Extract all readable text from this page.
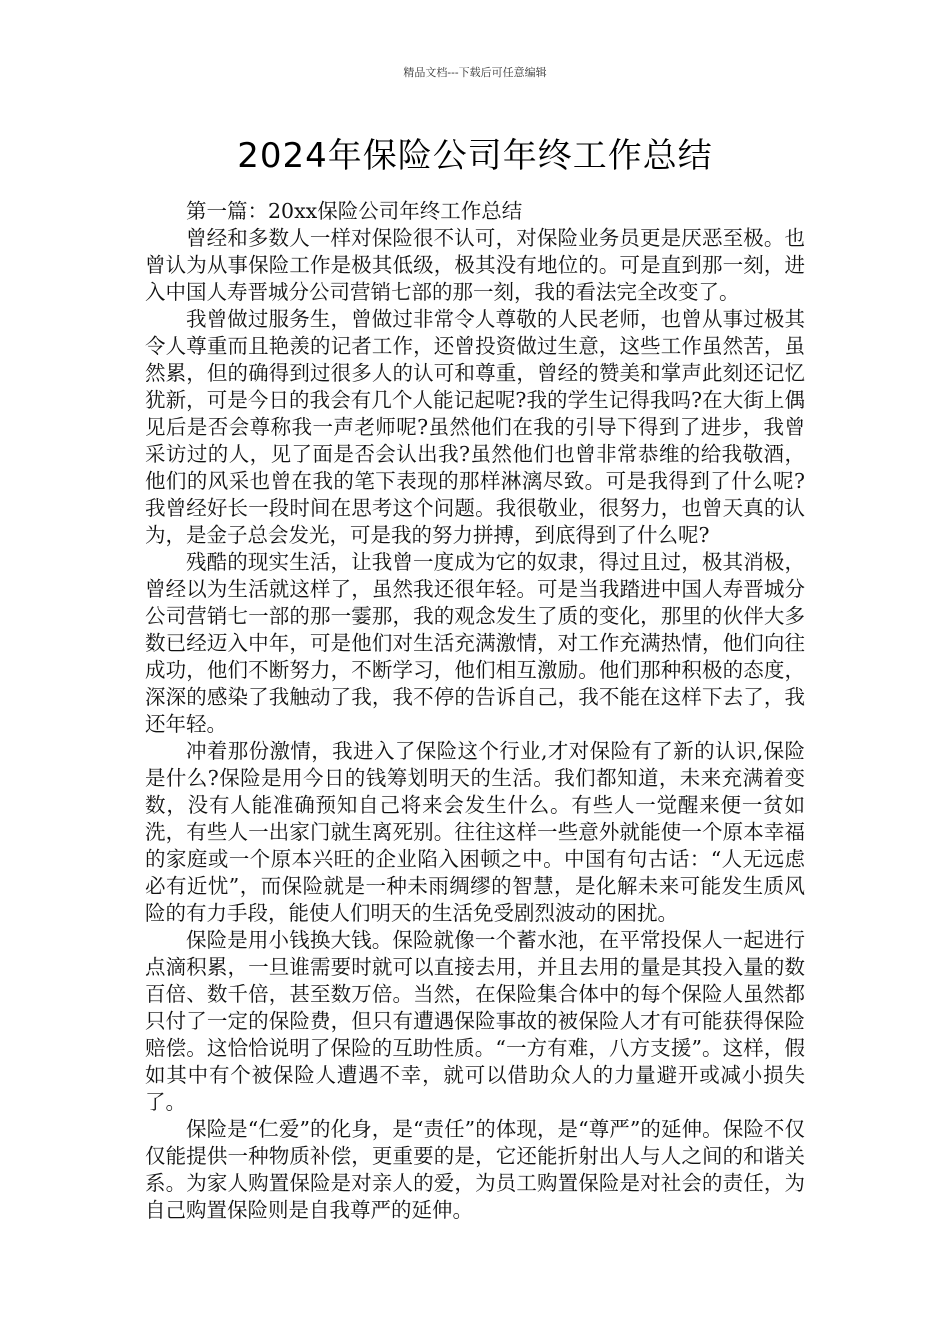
精品文档---下载后可任意编辑
2024年保险公司年终工作总结

第一篇：20xx保险公司年终工作总结

曾经和多数人一样对保险很不认可，对保险业务员更是厌恶至极。也曾认为从事保险工作是极其低级，极其没有地位的。可是直到那一刻，进入中国人寿晋城分公司营销七部的那一刻，我的看法完全改变了。

我曾做过服务生，曾做过非常令人尊敬的人民老师，也曾从事过极其令人尊重而且艳羡的记者工作，还曾投资做过生意，这些工作虽然苦，虽然累，但的确得到过很多人的认可和尊重，曾经的赞美和掌声此刻还记忆犹新，可是今日的我会有几个人能记起呢?我的学生记得我吗?在大街上偶见后是否会尊称我一声老师呢?虽然他们在我的引导下得到了进步，我曾采访过的人，见了面是否会认出我?虽然他们也曾非常恭维的给我敬酒，他们的风采也曾在我的笔下表现的那样淋漓尽致。可是我得到了什么呢?我曾经好长一段时间在思考这个问题。我很敬业，很努力，也曾天真的认为，是金子总会发光，可是我的努力拼搏，到底得到了什么呢?

残酷的现实生活，让我曾一度成为它的奴隶，得过且过，极其消极，曾经以为生活就这样了，虽然我还很年轻。可是当我踏进中国人寿晋城分公司营销七一部的那一霎那，我的观念发生了质的变化，那里的伙伴大多数已经迈入中年，可是他们对生活充满激情，对工作充满热情，他们向往成功，他们不断努力，不断学习，他们相互激励。他们那种积极的态度，深深的感染了我触动了我，我不停的告诉自己，我不能在这样下去了，我还年轻。

冲着那份激情，我进入了保险这个行业,才对保险有了新的认识,保险是什么?保险是用今日的钱筹划明天的生活。我们都知道，未来充满着变数，没有人能准确预知自己将来会发生什么。有些人一觉醒来便一贫如洗，有些人一出家门就生离死别。往往这样一些意外就能使一个原本幸福的家庭或一个原本兴旺的企业陷入困顿之中。中国有句古话：“人无远虑必有近忧”，而保险就是一种未雨绸缪的智慧，是化解未来可能发生质风险的有力手段，能使人们明天的生活免受剧烈波动的困扰。

保险是用小钱换大钱。保险就像一个蓄水池，在平常投保人一起进行点滴积累，一旦谁需要时就可以直接去用，并且去用的量是其投入量的数百倍、数千倍，甚至数万倍。当然，在保险集合体中的每个保险人虽然都只付了一定的保险费，但只有遭遇保险事故的被保险人才有可能获得保险赔偿。这恰恰说明了保险的互助性质。“一方有难，八方支援”。这样，假如其中有个被保险人遭遇不幸，就可以借助众人的力量避开或减小损失了。

保险是“仁爱”的化身，是“责任”的体现，是“尊严”的延伸。保险不仅仅能提供一种物质补偿，更重要的是，它还能折射出人与人之间的和谐关系。为家人购置保险是对亲人的爱，为员工购置保险是对社会的责任，为自己购置保险则是自我尊严的延伸。
